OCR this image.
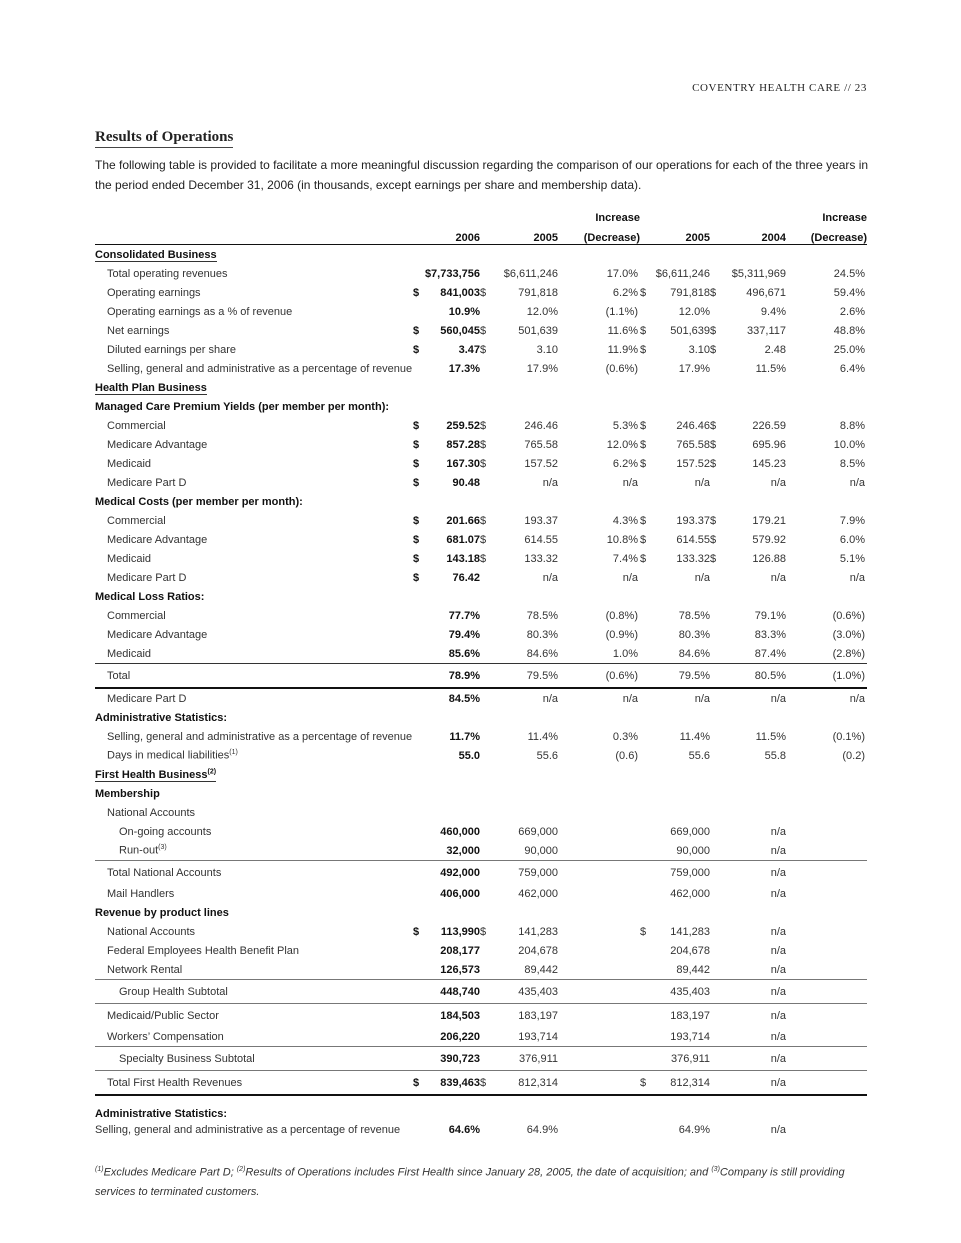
COVENTRY HEALTH CARE // 23
Results of Operations
The following table is provided to facilitate a more meaningful discussion regarding the comparison of our operations for each of the three years in the period ended December 31, 2006 (in thousands, except earnings per share and membership data).
			Increase			Increase
	2006	2005	(Decrease)	2005	2004	(Decrease)
Consolidated Business						
Total operating revenues	$7,733,756	$6,611,246	17.0%	$6,611,246	$5,311,969	24.5%
Operating earnings	$ 841,003	$ 791,818	6.2%	$ 791,818	$ 496,671	59.4%
Operating earnings as a % of revenue	10.9%	12.0%	(1.1%)	12.0%	9.4%	2.6%
Net earnings	$ 560,045	$ 501,639	11.6%	$ 501,639	$ 337,117	48.8%
Diluted earnings per share	$ 3.47	$ 3.10	11.9%	$ 3.10	$ 2.48	25.0%
Selling, general and administrative as a percentage of revenue	17.3%	17.9%	(0.6%)	17.9%	11.5%	6.4%
Health Plan Business						
Managed Care Premium Yields (per member per month):						
Commercial	$ 259.52	$ 246.46	5.3%	$ 246.46	$ 226.59	8.8%
Medicare Advantage	$ 857.28	$ 765.58	12.0%	$ 765.58	$ 695.96	10.0%
Medicaid	$ 167.30	$ 157.52	6.2%	$ 157.52	$ 145.23	8.5%
Medicare Part D	$ 90.48	n/a	n/a	n/a	n/a	n/a
Medical Costs (per member per month):						
Commercial	$ 201.66	$ 193.37	4.3%	$ 193.37	$ 179.21	7.9%
Medicare Advantage	$ 681.07	$ 614.55	10.8%	$ 614.55	$ 579.92	6.0%
Medicaid	$ 143.18	$ 133.32	7.4%	$ 133.32	$ 126.88	5.1%
Medicare Part D	$ 76.42	n/a	n/a	n/a	n/a	n/a
Medical Loss Ratios:						
Commercial	77.7%	78.5%	(0.8%)	78.5%	79.1%	(0.6%)
Medicare Advantage	79.4%	80.3%	(0.9%)	80.3%	83.3%	(3.0%)
Medicaid	85.6%	84.6%	1.0%	84.6%	87.4%	(2.8%)
Total	78.9%	79.5%	(0.6%)	79.5%	80.5%	(1.0%)
Medicare Part D	84.5%	n/a	n/a	n/a	n/a	n/a
Administrative Statistics:						
Selling, general and administrative as a percentage of revenue	11.7%	11.4%	0.3%	11.4%	11.5%	(0.1%)
Days in medical liabilities$^{(1)}$	55.0	55.6	(0.6)	55.6	55.8	(0.2)
First Health Business$^{(2)}$
Membership						
National Accounts						
On-going accounts	460,000	669,000		669,000	n/a	
Run-out$^{(3)}$	32,000	90,000		90,000	n/a	
Total National Accounts	492,000	759,000		759,000	n/a	
Mail Handlers	406,000	462,000		462,000	n/a	
Revenue by product lines						
National Accounts	$ 113,990	$ 141,283		$ 141,283	n/a	
Federal Employees Health Benefit Plan	208,177	204,678		204,678	n/a	
Network Rental	126,573	89,442		89,442	n/a	
Group Health Subtotal	448,740	435,403		435,403	n/a	
Medicaid/Public Sector	184,503	183,197		183,197	n/a	
Workers’ Compensation	206,220	193,714		193,714	n/a	
Specialty Business Subtotal	390,723	376,911		376,911	n/a	
Total First Health Revenues	$ 839,463	$ 812,314		$ 812,314	n/a	
Administrative Statistics:						
Selling, general and administrative as a percentage of revenue	64.6%	64.9%		64.9%	n/a	
$^{(1)}$Excludes Medicare Part D; $^{(2)}$Results of Operations includes First Health since January 28, 2005, the date of acquisition; and $^{(3)}$Company is still providing services to terminated customers.
